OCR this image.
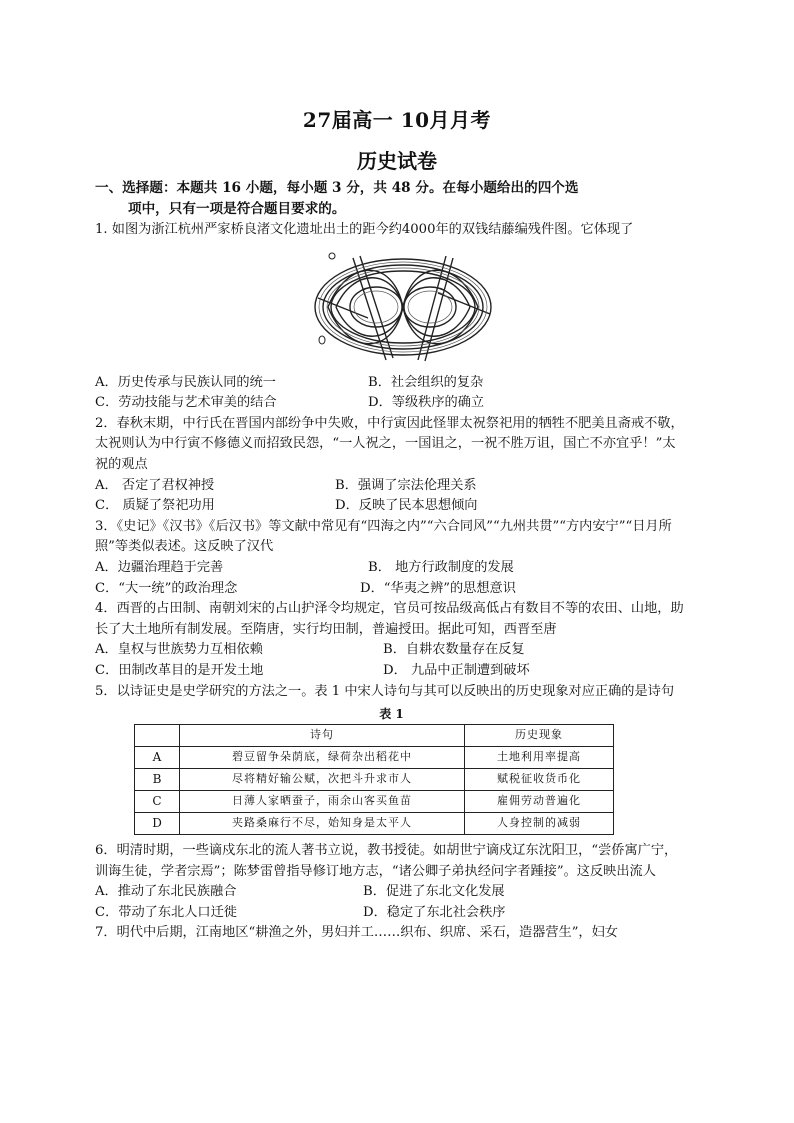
27届高一 10月月考
历史试卷
一、选择题：本题共 16 小题，每小题 3 分，共 48 分。在每小题给出的四个选
项中，只有一项是符合题目要求的。
1. 如图为浙江杭州严家桥良渚文化遗址出土的距今约4000年的双钱结藤编残件图。它体现了
A．历史传承与民族认同的统一	B．社会组织的复杂
C．劳动技能与艺术审美的结合	D．等级秩序的确立
2．春秋末期，中行氏在晋国内部纷争中失败，中行寅因此怪罪太祝祭祀用的牺牲不肥美且斋戒不敬，太祝则认为中行寅不修德义而招致民怨，“一人祝之，一国诅之，一祝不胜万诅，国亡不亦宜乎！”太祝的观点
A． 否定了君权神授	B．强调了宗法伦理关系
C． 质疑了祭祀功用	D．反映了民本思想倾向
3．《史记》《汉书》《后汉书》等文献中常见有“四海之内”“六合同风”“九州共贯”“方内安宁”“日月所照”等类似表述。这反映了汉代
A．边疆治理趋于完善	B． 地方行政制度的发展
C．“大一统”的政治理念	D．“华夷之辨”的思想意识
4．西晋的占田制、南朝刘宋的占山护泽令均规定，官员可按品级高低占有数目不等的农田、山地，助长了大土地所有制发展。至隋唐，实行均田制，普遍授田。据此可知，西晋至唐
A．皇权与世族势力互相依赖	B．自耕农数量存在反复
C．田制改革目的是开发土地	D． 九品中正制遭到破坏
5．以诗证史是史学研究的方法之一。表 1 中宋人诗句与其可以反映出的历史现象对应正确的是诗句
表 1
	诗句	历史现象
A	碧豆留争朵荫底，绿荷杂出稻花中	土地利用率提高
B	尽将精好输公赋，次把斗升求市人	赋税征收货币化
C	日薄人家晒蚕子，雨余山客买鱼苗	雇佣劳动普遍化
D	夹路桑麻行不尽，始知身是太平人	人身控制的减弱
6．明清时期，一些谪戍东北的流人著书立说，教书授徒。如胡世宁谪戍辽东沈阳卫，“尝侨寓广宁，训诲生徒，学者宗焉”；陈梦雷曾指导修订地方志，“诸公卿子弟执经问字者踵接”。这反映出流人
A．推动了东北民族融合	B．促进了东北文化发展
C．带动了东北人口迁徙	D．稳定了东北社会秩序
7．明代中后期，江南地区“耕渔之外，男妇并工……织布、织席、采石，造器营生”，妇女
